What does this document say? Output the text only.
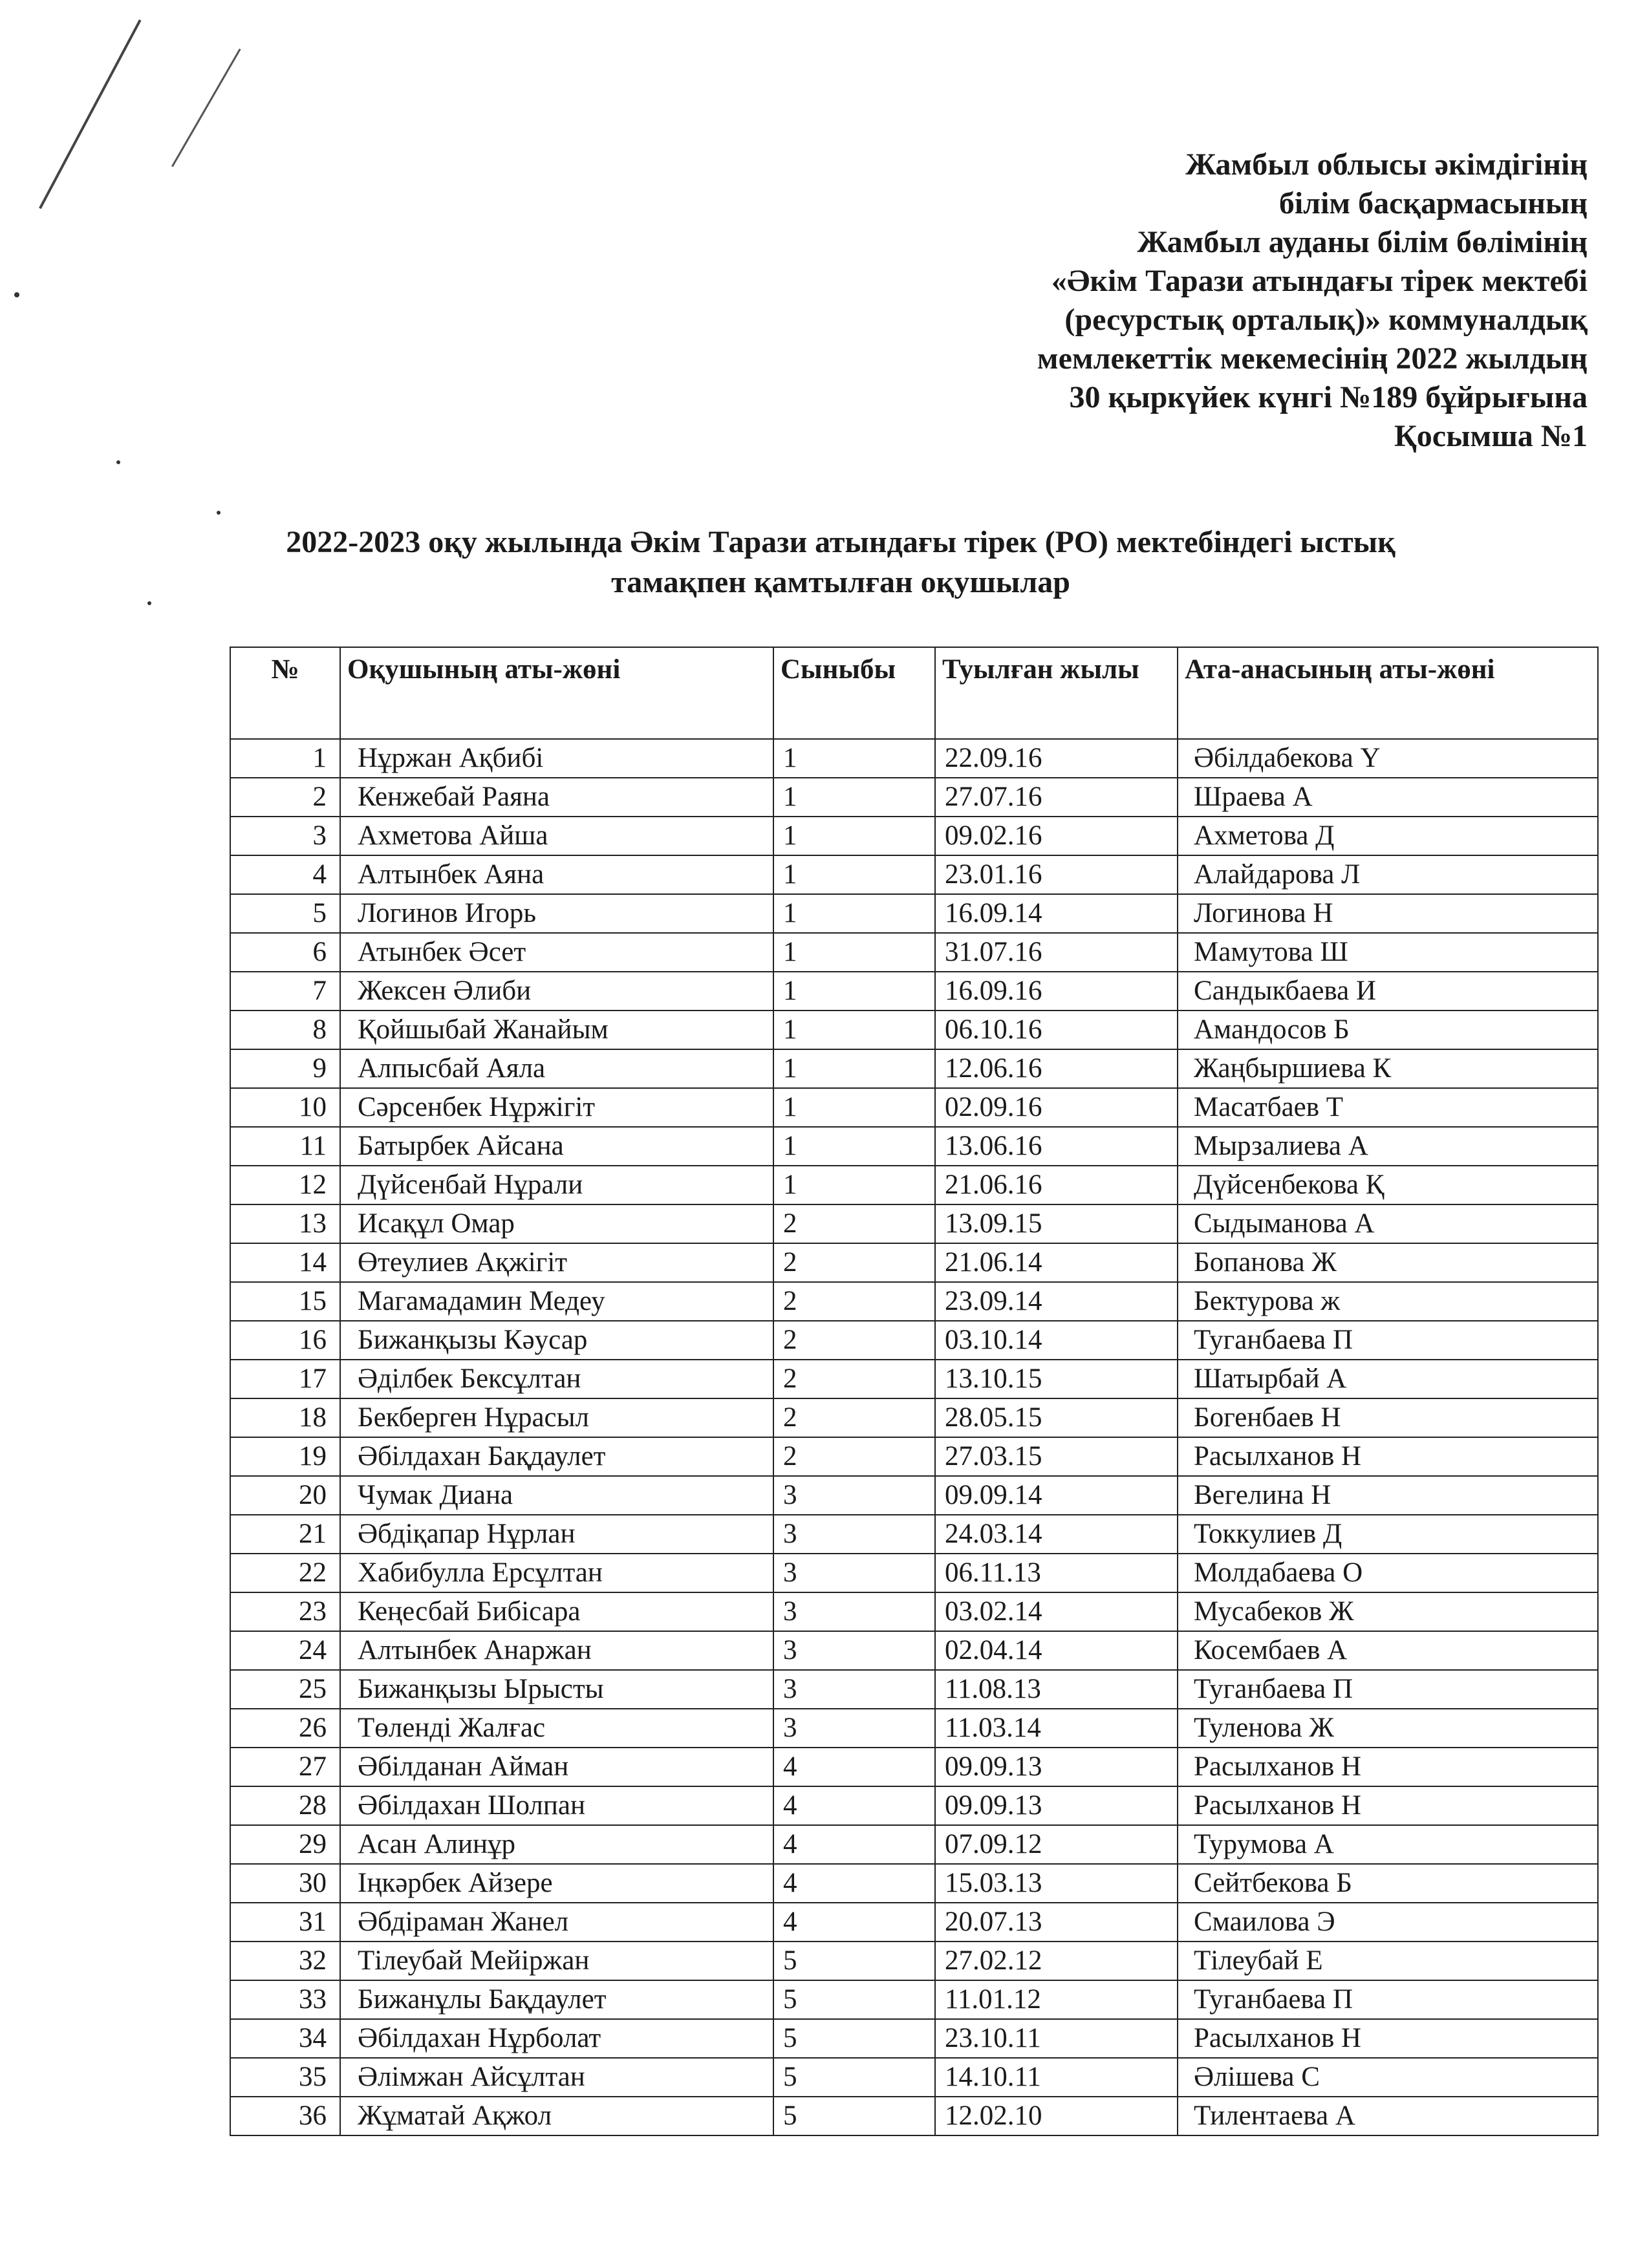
Жамбыл облысы әкімдігінің
білім басқармасының
Жамбыл ауданы білім бөлімінің
«Әкім Тарази атындағы тірек мектебі
(ресурстық орталық)» коммуналдық
мемлекеттік мекемесінің 2022 жылдың
30 қыркүйек күнгі №189 бұйрығына
Қосымша №1
2022-2023 оқу жылында Әкім Тарази атындағы тірек (РО) мектебіндегі ыстық
тамақпен қамтылған оқушылар
№	Оқушының аты-жөні	Сыныбы	Туылған жылы	Ата-анасының аты-жөні
1	Нұржан Ақбибі	1	22.09.16	Әбілдабекова Ү
2	Кенжебай Раяна	1	27.07.16	Шраева А
3	Ахметова Айша	1	09.02.16	Ахметова Д
4	Алтынбек Аяна	1	23.01.16	Алайдарова Л
5	Логинов Игорь	1	16.09.14	Логинова Н
6	Атынбек Әсет	1	31.07.16	Мамутова Ш
7	Жексен Әлиби	1	16.09.16	Сандыкбаева И
8	Қойшыбай Жанайым	1	06.10.16	Амандосов Б
9	Алпысбай Аяла	1	12.06.16	Жаңбыршиева К
10	Сәрсенбек Нұржігіт	1	02.09.16	Масатбаев Т
11	Батырбек Айсана	1	13.06.16	Мырзалиева А
12	Дүйсенбай Нұрали	1	21.06.16	Дүйсенбекова Қ
13	Исақұл Омар	2	13.09.15	Сыдыманова А
14	Өтеулиев Ақжігіт	2	21.06.14	Бопанова Ж
15	Магамадамин Медеу	2	23.09.14	Бектурова ж
16	Бижанқызы Кәусар	2	03.10.14	Туганбаева П
17	Әділбек Бексұлтан	2	13.10.15	Шатырбай А
18	Бекберген Нұрасыл	2	28.05.15	Богенбаев Н
19	Әбілдахан Бақдаулет	2	27.03.15	Расылханов Н
20	Чумак Диана	3	09.09.14	Вегелина Н
21	Әбдіқапар Нұрлан	3	24.03.14	Токкулиев Д
22	Хабибулла Ерсұлтан	3	06.11.13	Молдабаева О
23	Кеңесбай Бибісара	3	03.02.14	Мусабеков Ж
24	Алтынбек Анаржан	3	02.04.14	Косембаев А
25	Бижанқызы Ырысты	3	11.08.13	Туганбаева П
26	Төленді Жалғас	3	11.03.14	Туленова Ж
27	Әбілданан Айман	4	09.09.13	Расылханов Н
28	Әбілдахан Шолпан	4	09.09.13	Расылханов Н
29	Асан Алинұр	4	07.09.12	Турумова А
30	Іңкәрбек Айзере	4	15.03.13	Сейтбекова Б
31	Әбдіраман Жанел	4	20.07.13	Смаилова Э
32	Тілеубай Мейіржан	5	27.02.12	Тілеубай Е
33	Бижанұлы Бақдаулет	5	11.01.12	Туганбаева П
34	Әбілдахан Нұрболат	5	23.10.11	Расылханов Н
35	Әлімжан Айсұлтан	5	14.10.11	Әлішева С
36	Жұматай Ақжол	5	12.02.10	Тилентаева А
